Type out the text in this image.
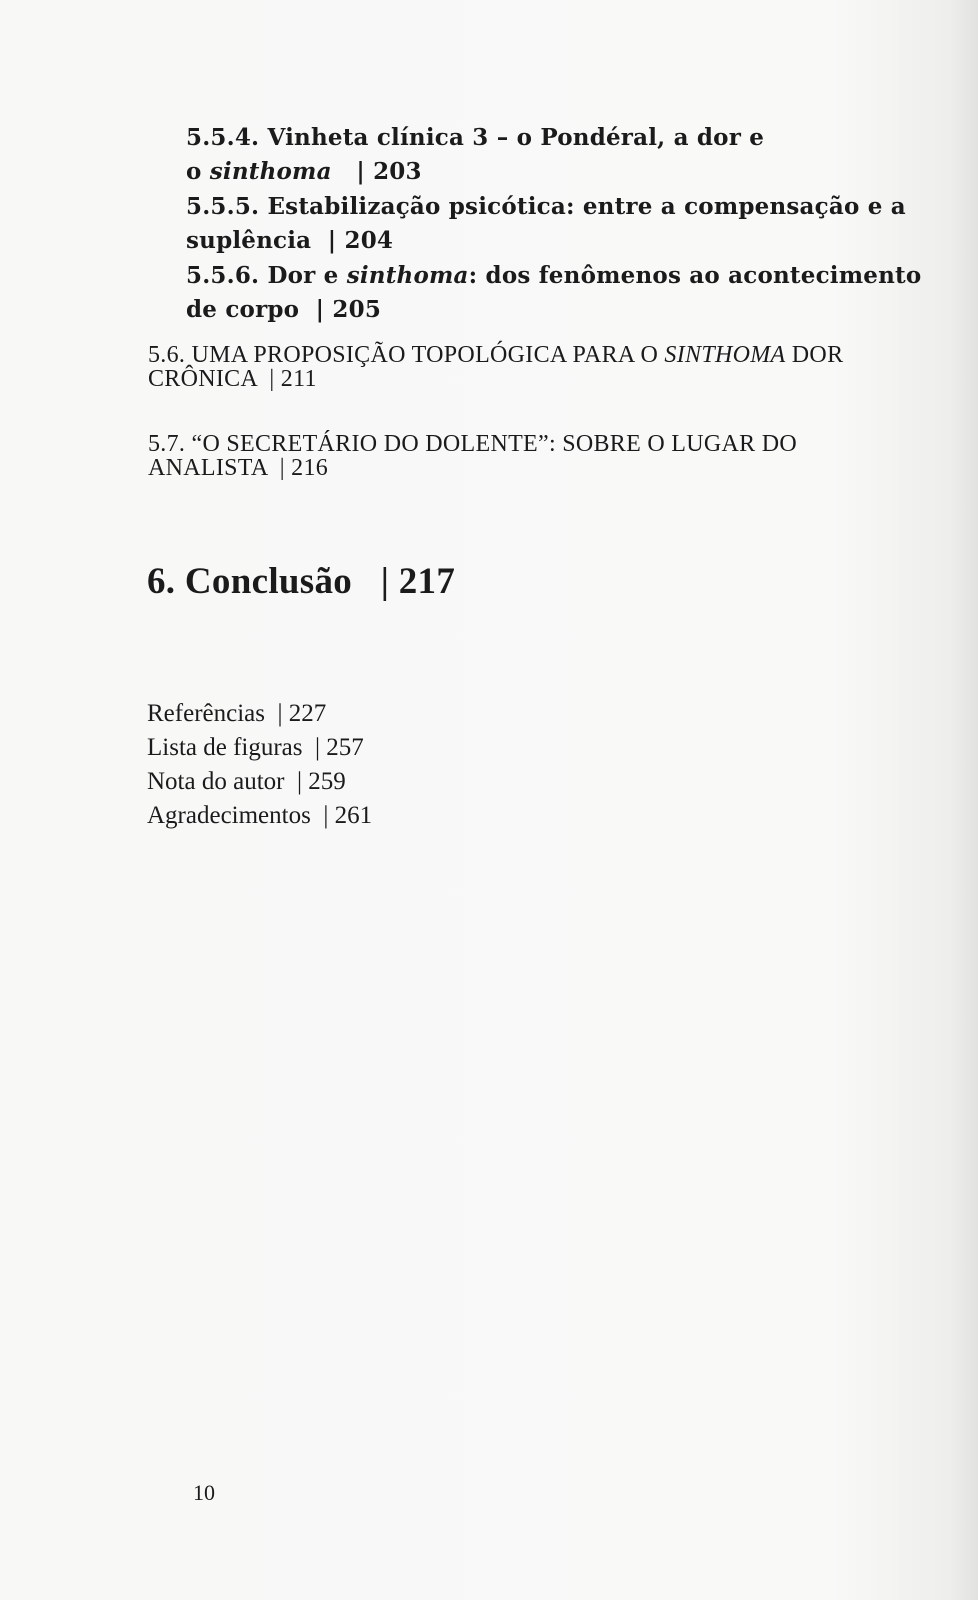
5.5.4. Vinheta clínica 3 – o Pondéral, a dor e
o sinthoma | 203
5.5.5. Estabilização psicótica: entre a compensação e a
suplência | 204
5.5.6. Dor e sinthoma: dos fenômenos ao acontecimento
de corpo | 205
5.6. UMA PROPOSIÇÃO TOPOLÓGICA PARA O SINTHOMA DOR
CRÔNICA | 211
5.7. “O SECRETÁRIO DO DOLENTE”: SOBRE O LUGAR DO
ANALISTA | 216
6. Conclusão | 217
Referências | 227
Lista de figuras | 257
Nota do autor | 259
Agradecimentos | 261
10
